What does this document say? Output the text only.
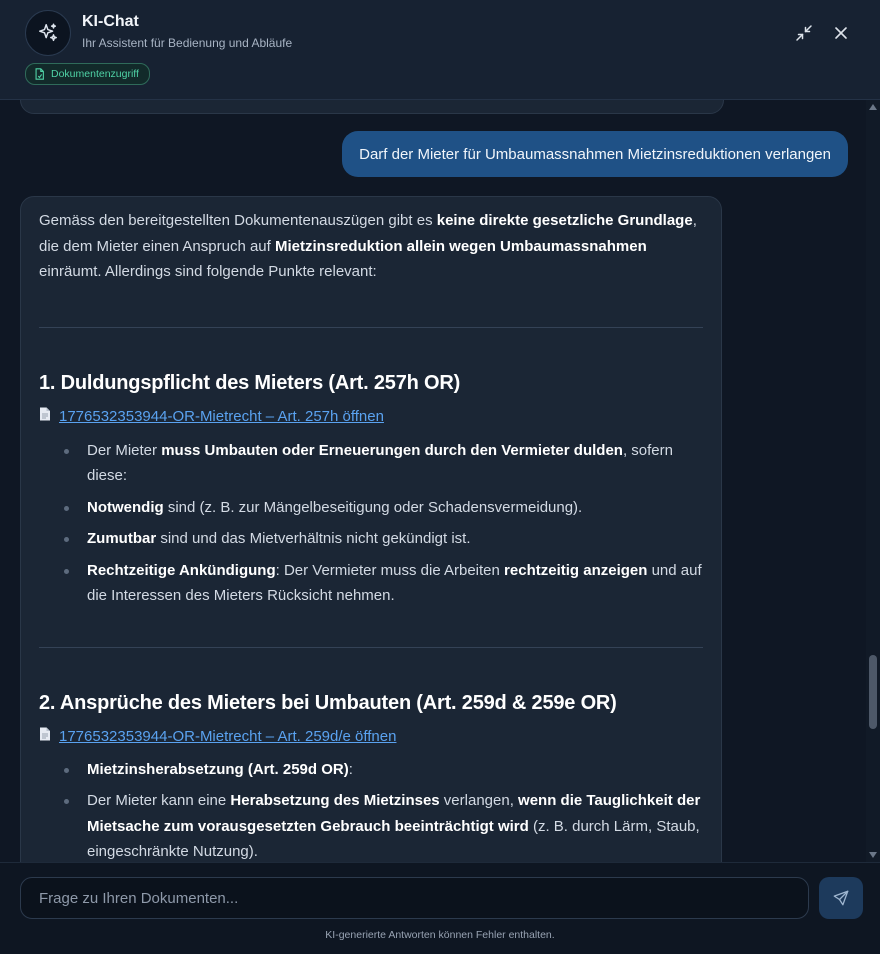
KI-Chat
Ihr Assistent für Bedienung und Abläufe
Dokumentenzugriff
Darf der Mieter für Umbaumassnahmen Mietzinsreduktionen verlangen
Gemäss den bereitgestellten Dokumentenauszügen gibt es keine direkte gesetzliche Grundlage, die dem Mieter einen Anspruch auf Mietzinsreduktion allein wegen Umbaumassnahmen einräumt. Allerdings sind folgende Punkte relevant:
1. Duldungspflicht des Mieters (Art. 257h OR)
1776532353944-OR-Mietrecht – Art. 257h öffnen
Der Mieter muss Umbauten oder Erneuerungen durch den Vermieter dulden, sofern diese:
Notwendig sind (z. B. zur Mängelbeseitigung oder Schadensvermeidung).
Zumutbar sind und das Mietverhältnis nicht gekündigt ist.
Rechtzeitige Ankündigung: Der Vermieter muss die Arbeiten rechtzeitig anzeigen und auf die Interessen des Mieters Rücksicht nehmen.
2. Ansprüche des Mieters bei Umbauten (Art. 259d & 259e OR)
1776532353944-OR-Mietrecht – Art. 259d/e öffnen
Mietzinsherabsetzung (Art. 259d OR):
Der Mieter kann eine Herabsetzung des Mietzinses verlangen, wenn die Tauglichkeit der Mietsache zum vorausgesetzten Gebrauch beeinträchtigt wird (z. B. durch Lärm, Staub, eingeschränkte Nutzung).
Frage zu Ihren Dokumenten...
KI-generierte Antworten können Fehler enthalten.
